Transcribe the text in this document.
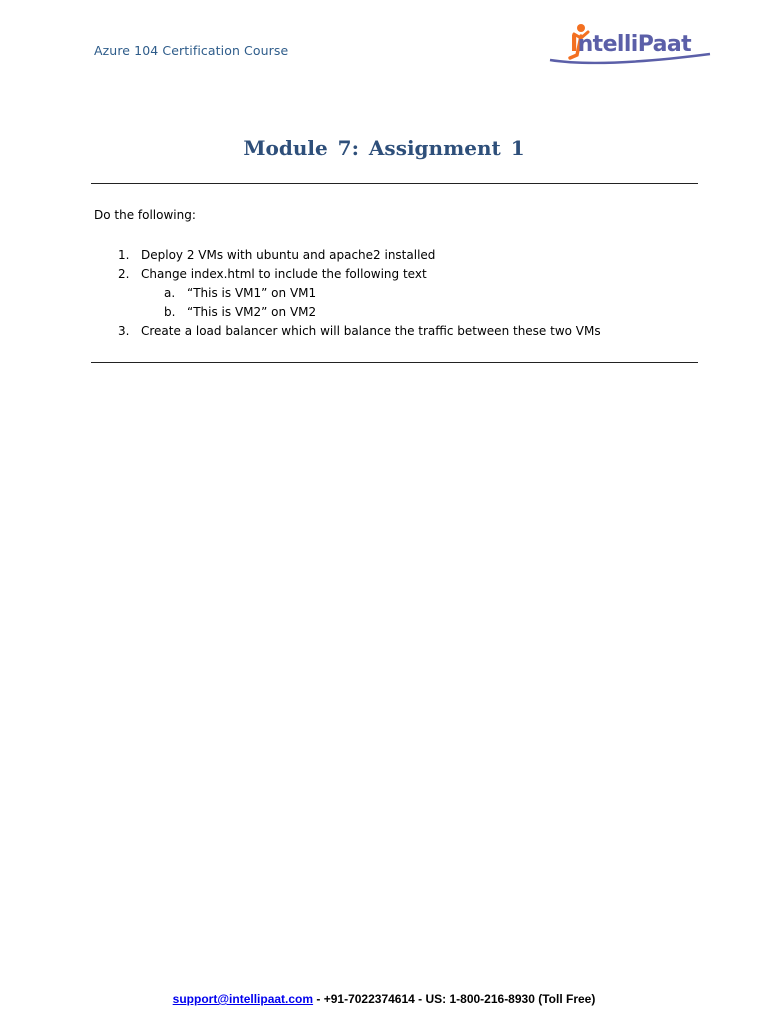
Azure 104 Certification Course	IntelliPaat
Module 7: Assignment 1
Do the following:
1. Deploy 2 VMs with ubuntu and apache2 installed
2. Change index.html to include the following text
a. “This is VM1” on VM1
b. “This is VM2” on VM2
3. Create a load balancer which will balance the traffic between these two VMs
support@intellipaat.com - +91-7022374614 - US: 1-800-216-8930 (Toll Free)
